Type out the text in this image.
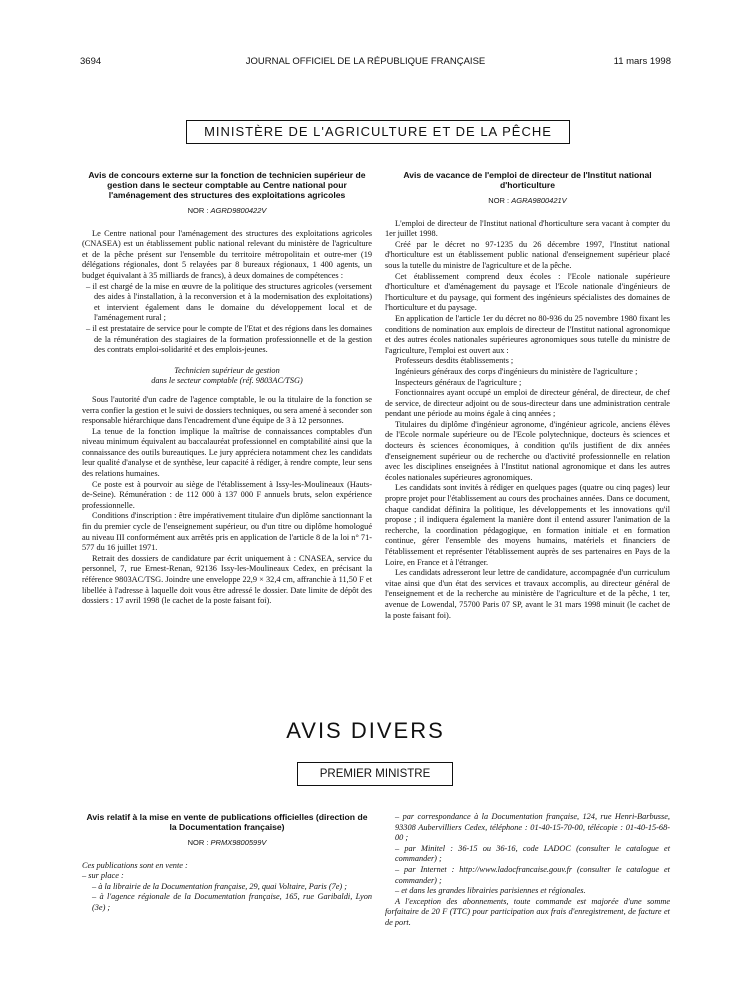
JOURNAL OFFICIEL DE LA RÉPUBLIQUE FRANÇAISE
3694	11 mars 1998
MINISTÈRE DE L'AGRICULTURE ET DE LA PÊCHE

Avis de concours externe sur la fonction de technicien supérieur de gestion dans le secteur comptable au Centre national pour l'aménagement des structures des exploitations agricoles

NOR : AGRD9800422V

Le Centre national pour l'aménagement des structures des exploitations agricoles (CNASEA) est un établissement public national relevant du ministère de l'agriculture et de la pêche présent sur l'ensemble du territoire métropolitain et outre-mer (19 délégations régionales, dont 5 relayées par 8 bureaux régionaux, 1 400 agents, un budget équivalant à 35 milliards de francs), à deux domaines de compétences :

– il est chargé de la mise en œuvre de la politique des structures agricoles (versement des aides à l'installation, à la reconversion et à la modernisation des exploitations) et intervient également dans le domaine du développement local et de l'aménagement rural ;
– il est prestataire de service pour le compte de l'Etat et des régions dans les domaines de la rémunération des stagiaires de la formation professionnelle et de la gestion des contrats emploi-solidarité et des emplois-jeunes.

Technicien supérieur de gestion
dans le secteur comptable (réf. 9803AC/TSG)

Sous l'autorité d'un cadre de l'agence comptable, le ou la titulaire de la fonction se verra confier la gestion et le suivi de dossiers techniques, ou sera amené à seconder son responsable hiérarchique dans l'encadrement d'une équipe de 3 à 12 personnes.

La tenue de la fonction implique la maîtrise de connaissances comptables d'un niveau minimum équivalent au baccalauréat professionnel en comptabilité ainsi que la connaissance des outils bureautiques. Le jury appréciera notamment chez les candidats leur qualité d'analyse et de synthèse, leur capacité à rédiger, à rendre compte, leur sens des relations humaines.

Ce poste est à pourvoir au siège de l'établissement à Issy-les-Moulineaux (Hauts-de-Seine). Rémunération : de 112 000 à 137 000 F annuels bruts, selon expérience professionnelle.

Conditions d'inscription : être impérativement titulaire d'un diplôme sanctionnant la fin du premier cycle de l'enseignement supérieur, ou d'un titre ou diplôme homologué au niveau III conformément aux arrêtés pris en application de l'article 8 de la loi n° 71-577 du 16 juillet 1971.

Retrait des dossiers de candidature par écrit uniquement à : CNASEA, service du personnel, 7, rue Ernest-Renan, 92136 Issy-les-Moulineaux Cedex, en précisant la référence 9803AC/TSG. Joindre une enveloppe 22,9 × 32,4 cm, affranchie à 11,50 F et libellée à l'adresse à laquelle doit vous être adressé le dossier. Date limite de dépôt des dossiers : 17 avril 1998 (le cachet de la poste faisant foi).

Avis de vacance de l'emploi de directeur de l'Institut national d'horticulture

NOR : AGRA9800421V

L'emploi de directeur de l'Institut national d'horticulture sera vacant à compter du 1er juillet 1998.

Créé par le décret no 97-1235 du 26 décembre 1997, l'Institut national d'horticulture est un établissement public national d'enseignement supérieur placé sous la tutelle du ministre de l'agriculture et de la pêche.

Cet établissement comprend deux écoles : l'Ecole nationale supérieure d'horticulture et d'aménagement du paysage et l'Ecole nationale d'ingénieurs de l'horticulture et du paysage, qui forment des ingénieurs spécialistes des domaines de l'horticulture et du paysage.

En application de l'article 1er du décret no 80-936 du 25 novembre 1980 fixant les conditions de nomination aux emplois de directeur de l'Institut national agronomique et des autres écoles nationales supérieures agronomiques sous tutelle du ministre de l'agriculture, l'emploi est ouvert aux :

Professeurs desdits établissements ;

Ingénieurs généraux des corps d'ingénieurs du ministère de l'agriculture ;

Inspecteurs généraux de l'agriculture ;

Fonctionnaires ayant occupé un emploi de directeur général, de directeur, de chef de service, de directeur adjoint ou de sous-directeur dans une administration centrale pendant une période au moins égale à cinq années ;

Titulaires du diplôme d'ingénieur agronome, d'ingénieur agricole, anciens élèves de l'Ecole normale supérieure ou de l'Ecole polytechnique, docteurs ès sciences et docteurs ès sciences économiques, à condition qu'ils justifient de dix années d'enseignement supérieur ou de recherche ou d'activité professionnelle en relation avec les disciplines enseignées à l'Institut national agronomique et dans les autres écoles nationales supérieures agronomiques.

Les candidats sont invités à rédiger en quelques pages (quatre ou cinq pages) leur propre projet pour l'établissement au cours des prochaines années. Dans ce document, chaque candidat définira la politique, les développements et les innovations qu'il propose ; il indiquera également la manière dont il entend assurer l'animation de la recherche, la coordination pédagogique, en formation initiale et en formation continue, gérer l'ensemble des moyens humains, matériels et financiers de l'établissement et représenter l'établissement auprès de ses partenaires en Pays de la Loire, en France et à l'étranger.

Les candidats adresseront leur lettre de candidature, accompagnée d'un curriculum vitae ainsi que d'un état des services et travaux accomplis, au directeur général de l'enseignement et de la recherche au ministère de l'agriculture et de la pêche, 1 ter, avenue de Lowendal, 75700 Paris 07 SP, avant le 31 mars 1998 minuit (le cachet de la poste faisant foi).

AVIS DIVERS
PREMIER MINISTRE

Avis relatif à la mise en vente de publications officielles (direction de la Documentation française)

NOR : PRMX9800599V

Ces publications sont en vente :

– sur place :

– à la librairie de la Documentation française, 29, quai Voltaire, Paris (7e) ;

– à l'agence régionale de la Documentation française, 165, rue Garibaldi, Lyon (3e) ;

– par correspondance à la Documentation française, 124, rue Henri-Barbusse, 93308 Aubervilliers Cedex, téléphone : 01-40-15-70-00, télécopie : 01-40-15-68-00 ;

– par Minitel : 36-15 ou 36-16, code LADOC (consulter le catalogue et commander) ;

– par Internet : http://www.ladocfrancaise.gouv.fr (consulter le catalogue et commander) ;

– et dans les grandes librairies parisiennes et régionales.

A l'exception des abonnements, toute commande est majorée d'une somme forfaitaire de 20 F (TTC) pour participation aux frais d'enregistrement, de facture et de port.
